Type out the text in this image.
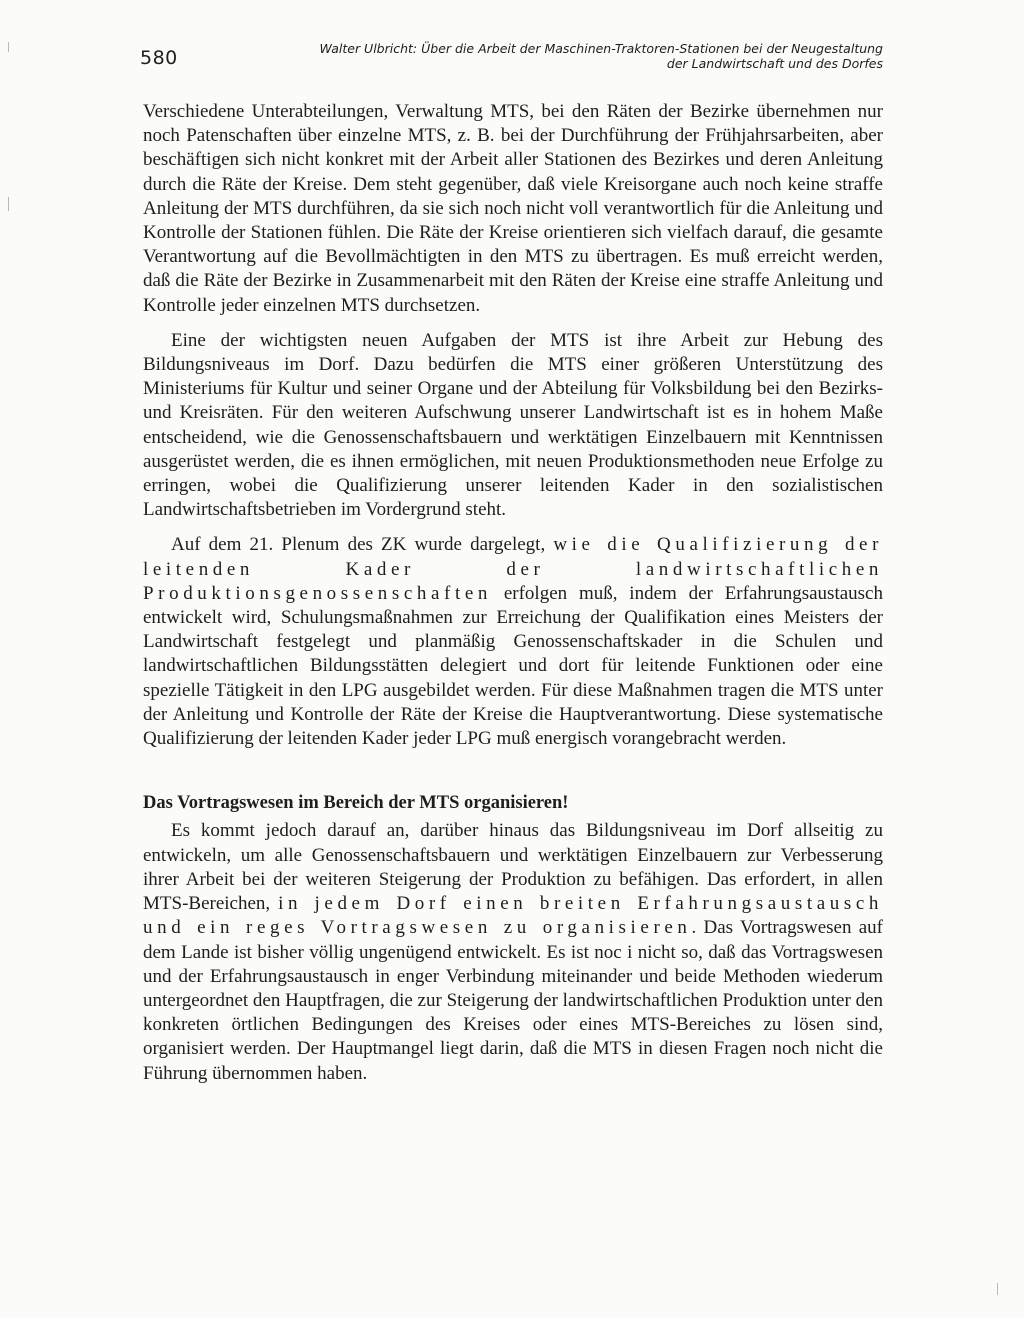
580	Walter Ulbricht: Über die Arbeit der Maschinen-Traktoren-Stationen bei der Neugestaltung
der Landwirtschaft und des Dorfes

Verschiedene Unterabteilungen, Verwaltung MTS, bei den Räten der Bezirke übernehmen nur noch Patenschaften über einzelne MTS, z. B. bei der Durchführung der Frühjahrsarbeiten, aber beschäftigen sich nicht konkret mit der Arbeit aller Stationen des Bezirkes und deren Anleitung durch die Räte der Kreise. Dem steht gegenüber, daß viele Kreisorgane auch noch keine straffe Anleitung der MTS durchführen, da sie sich noch nicht voll verantwortlich für die Anleitung und Kontrolle der Stationen fühlen. Die Räte der Kreise orientieren sich vielfach darauf, die gesamte Verantwortung auf die Bevollmächtigten in den MTS zu übertragen. Es muß erreicht werden, daß die Räte der Bezirke in Zusammenarbeit mit den Räten der Kreise eine straffe Anleitung und Kontrolle jeder einzelnen MTS durchsetzen.

Eine der wichtigsten neuen Aufgaben der MTS ist ihre Arbeit zur Hebung des Bildungsniveaus im Dorf. Dazu bedürfen die MTS einer größeren Unterstützung des Ministeriums für Kultur und seiner Organe und der Abteilung für Volksbildung bei den Bezirks- und Kreisräten. Für den weiteren Aufschwung unserer Landwirtschaft ist es in hohem Maße entscheidend, wie die Genossenschaftsbauern und werktätigen Einzelbauern mit Kenntnissen ausgerüstet werden, die es ihnen ermöglichen, mit neuen Produktionsmethoden neue Erfolge zu erringen, wobei die Qualifizierung unserer leitenden Kader in den sozialistischen Landwirtschaftsbetrieben im Vordergrund steht.

Auf dem 21. Plenum des ZK wurde dargelegt, wie die Qualifizierung der leitenden Kader der landwirtschaftlichen Produktionsgenossenschaften erfolgen muß, indem der Erfahrungsaustausch entwickelt wird, Schulungsmaßnahmen zur Erreichung der Qualifikation eines Meisters der Landwirtschaft festgelegt und planmäßig Genossenschaftskader in die Schulen und landwirtschaftlichen Bildungsstätten delegiert und dort für leitende Funktionen oder eine spezielle Tätigkeit in den LPG ausgebildet werden. Für diese Maßnahmen tragen die MTS unter der Anleitung und Kontrolle der Räte der Kreise die Hauptverantwortung. Diese systematische Qualifizierung der leitenden Kader jeder LPG muß energisch vorangebracht werden.

Das Vortragswesen im Bereich der MTS organisieren!

Es kommt jedoch darauf an, darüber hinaus das Bildungsniveau im Dorf allseitig zu entwickeln, um alle Genossenschaftsbauern und werktätigen Einzelbauern zur Verbesserung ihrer Arbeit bei der weiteren Steigerung der Produktion zu befähigen. Das erfordert, in allen MTS-Bereichen, in jedem Dorf einen breiten Erfahrungsaustausch und ein reges Vortragswesen zu organisieren. Das Vortragswesen auf dem Lande ist bisher völlig ungenügend entwickelt. Es ist noc i nicht so, daß das Vortragswesen und der Erfahrungsaustausch in enger Verbindung miteinander und beide Methoden wiederum untergeordnet den Hauptfragen, die zur Steigerung der landwirtschaftlichen Produktion unter den konkreten örtlichen Bedingungen des Kreises oder eines MTS-Bereiches zu lösen sind, organisiert werden. Der Hauptmangel liegt darin, daß die MTS in diesen Fragen noch nicht die Führung übernommen haben.
